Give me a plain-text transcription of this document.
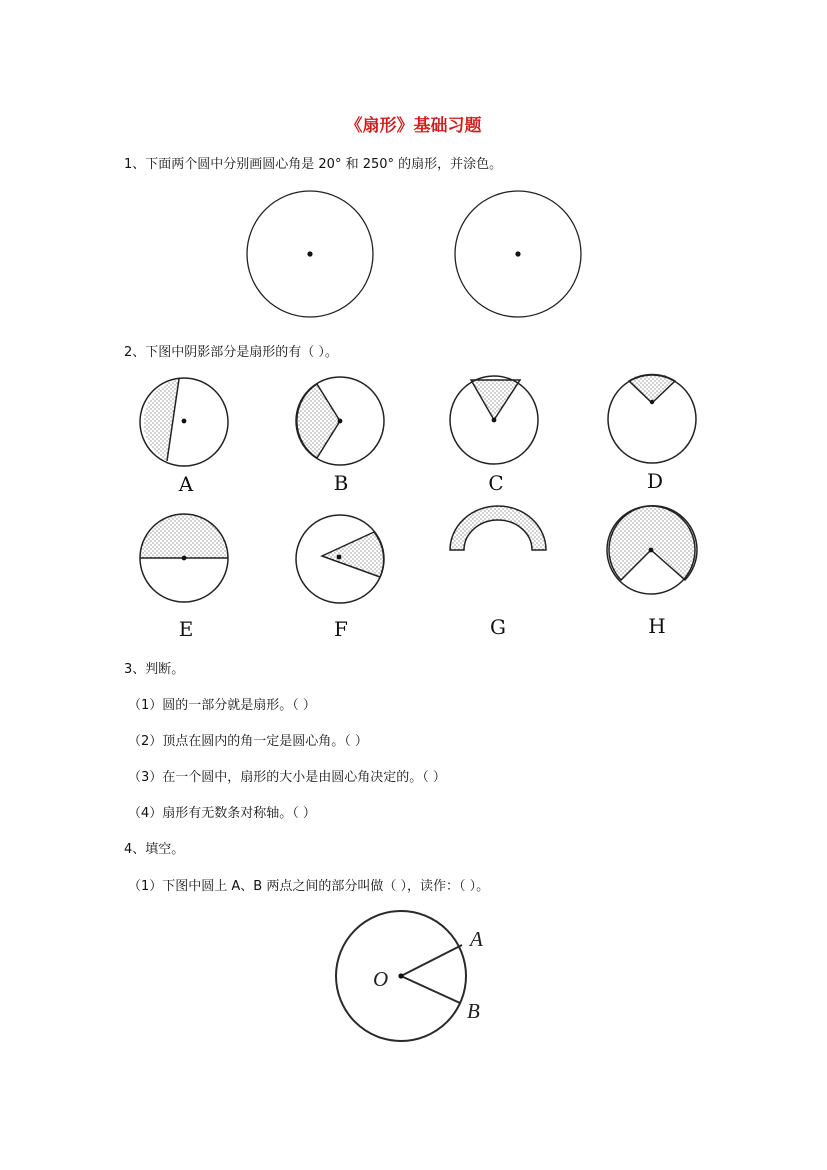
《扇形》基础习题
1、下面两个圆中分别画圆心角是 20° 和 250° 的扇形，并涂色。
2、下图中阴影部分是扇形的有（ ）。
A	B	C	D
E	F	G	H
3、判断。
（1）圆的一部分就是扇形。（ ）
（2）顶点在圆内的角一定是圆心角。（ ）
（3）在一个圆中，扇形的大小是由圆心角决定的。（ ）
（4）扇形有无数条对称轴。（ ）
4、填空。
（1）下图中圆上 A、B 两点之间的部分叫做（ ），读作：（ ）。
O
A
B
